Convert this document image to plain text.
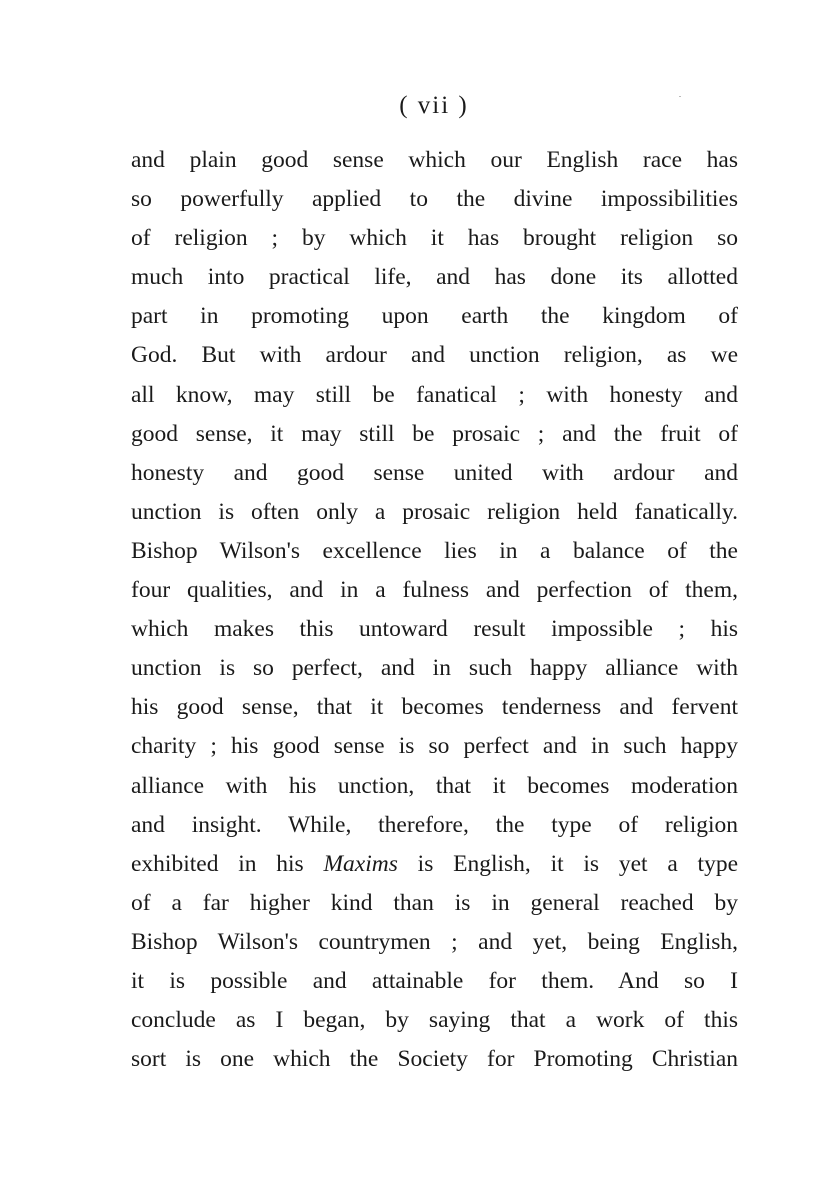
( vii )
and plain good sense which our English race has
so powerfully applied to the divine impossibilities
of religion ; by which it has brought religion so
much into practical life, and has done its allotted
part in promoting upon earth the kingdom of
God. But with ardour and unction religion, as we
all know, may still be fanatical ; with honesty and
good sense, it may still be prosaic ; and the fruit of
honesty and good sense united with ardour and
unction is often only a prosaic religion held fanatically.
Bishop Wilson's excellence lies in a balance of the
four qualities, and in a fulness and perfection of them,
which makes this untoward result impossible ; his
unction is so perfect, and in such happy alliance with
his good sense, that it becomes tenderness and fervent
charity ; his good sense is so perfect and in such happy
alliance with his unction, that it becomes moderation
and insight. While, therefore, the type of religion
exhibited in his Maxims is English, it is yet a type
of a far higher kind than is in general reached by
Bishop Wilson's countrymen ; and yet, being English,
it is possible and attainable for them. And so I
conclude as I began, by saying that a work of this
sort is one which the Society for Promoting Christian
